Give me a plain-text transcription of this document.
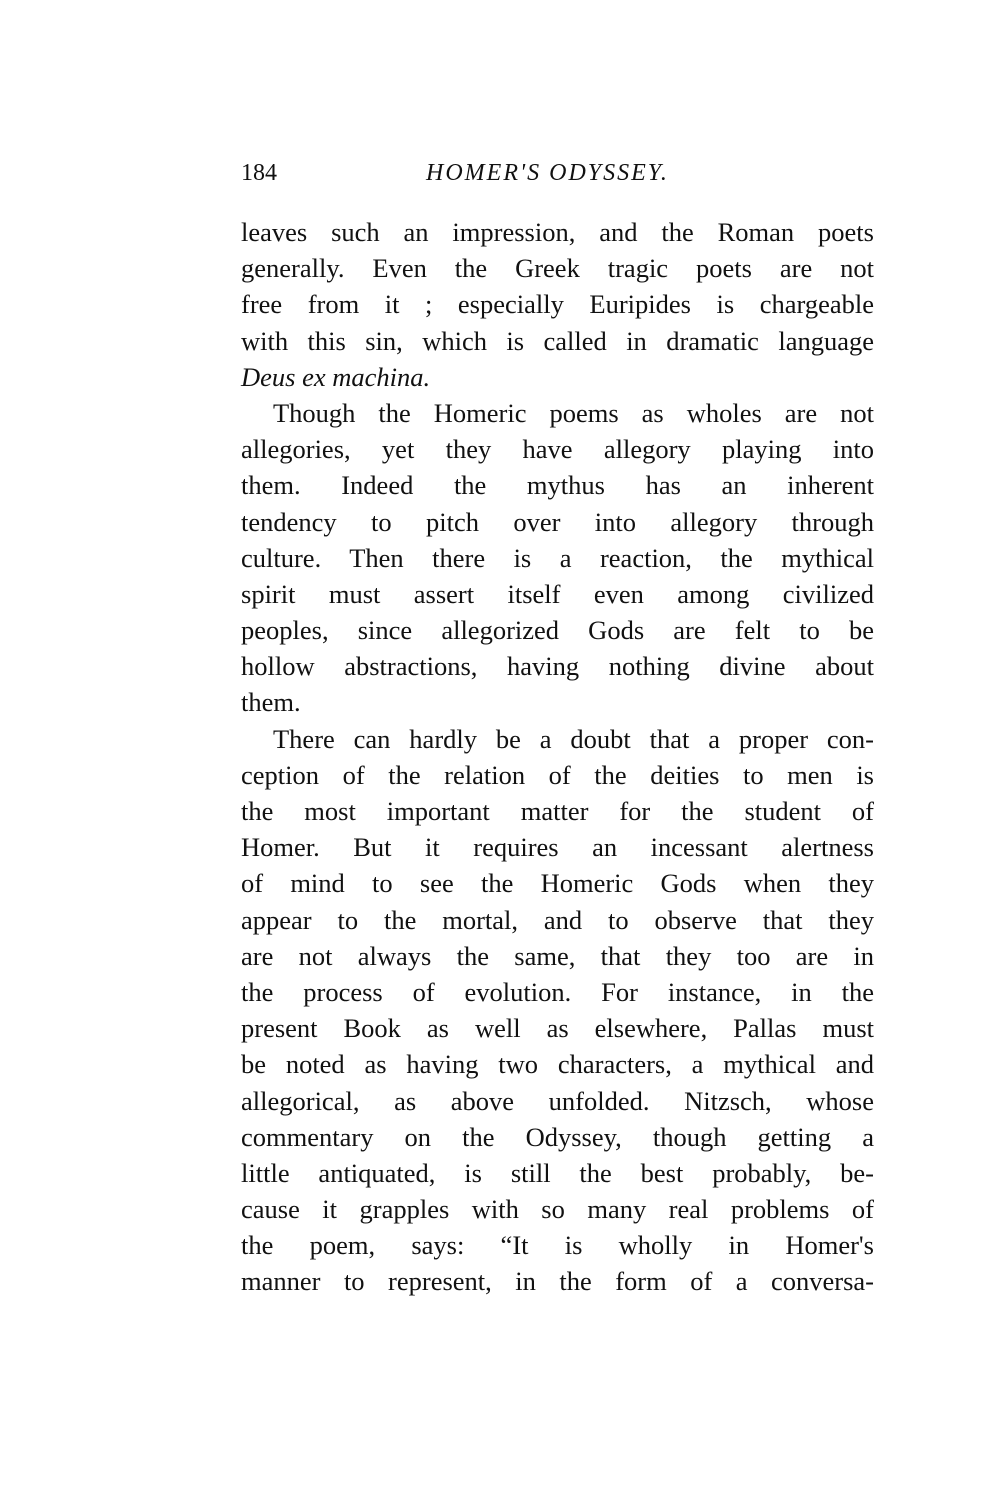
184	HOMER'S ODYSSEY.
leaves such an impression, and the Roman poets
generally. Even the Greek tragic poets are not
free from it ; especially Euripides is chargeable
with this sin, which is called in dramatic language
Deus ex machina.
Though the Homeric poems as wholes are not
allegories, yet they have allegory playing into
them. Indeed the mythus has an inherent
tendency to pitch over into allegory through
culture. Then there is a reaction, the mythical
spirit must assert itself even among civilized
peoples, since allegorized Gods are felt to be
hollow abstractions, having nothing divine about
them.
There can hardly be a doubt that a proper con-
ception of the relation of the deities to men is
the most important matter for the student of
Homer. But it requires an incessant alertness
of mind to see the Homeric Gods when they
appear to the mortal, and to observe that they
are not always the same, that they too are in
the process of evolution. For instance, in the
present Book as well as elsewhere, Pallas must
be noted as having two characters, a mythical and
allegorical, as above unfolded. Nitzsch, whose
commentary on the Odyssey, though getting a
little antiquated, is still the best probably, be-
cause it grapples with so many real problems of
the poem, says: “It is wholly in Homer's
manner to represent, in the form of a conversa-
